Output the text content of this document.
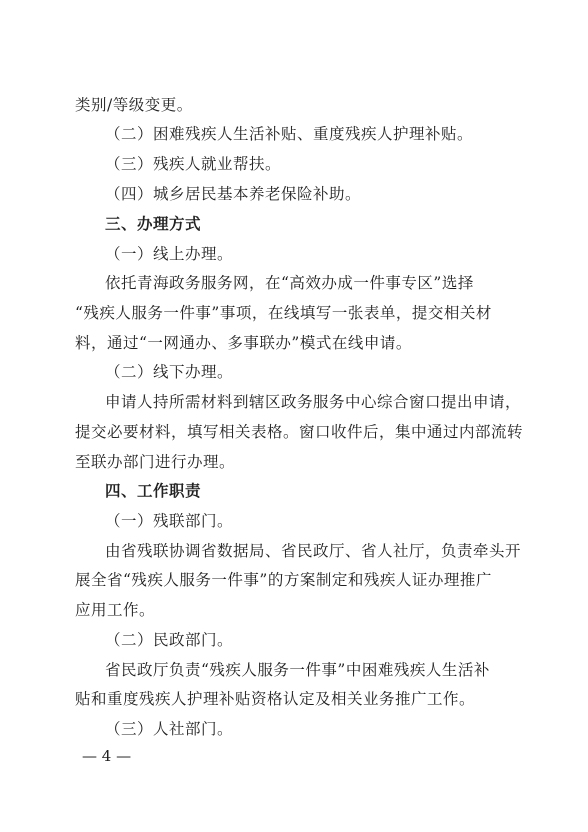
类别/等级变更。
（二）困难残疾人生活补贴、重度残疾人护理补贴。
（三）残疾人就业帮扶。
（四）城乡居民基本养老保险补助。
三、办理方式
（一）线上办理。
依托青海政务服务网，在“高效办成一件事专区”选择
“残疾人服务一件事”事项，在线填写一张表单，提交相关材
料，通过“一网通办、多事联办”模式在线申请。
（二）线下办理。
申请人持所需材料到辖区政务服务中心综合窗口提出申请，
提交必要材料，填写相关表格。窗口收件后，集中通过内部流转
至联办部门进行办理。
四、工作职责
（一）残联部门。
由省残联协调省数据局、省民政厅、省人社厅，负责牵头开
展全省“残疾人服务一件事”的方案制定和残疾人证办理推广
应用工作。
（二）民政部门。
省民政厅负责“残疾人服务一件事”中困难残疾人生活补
贴和重度残疾人护理补贴资格认定及相关业务推广工作。
（三）人社部门。
— 4 —
